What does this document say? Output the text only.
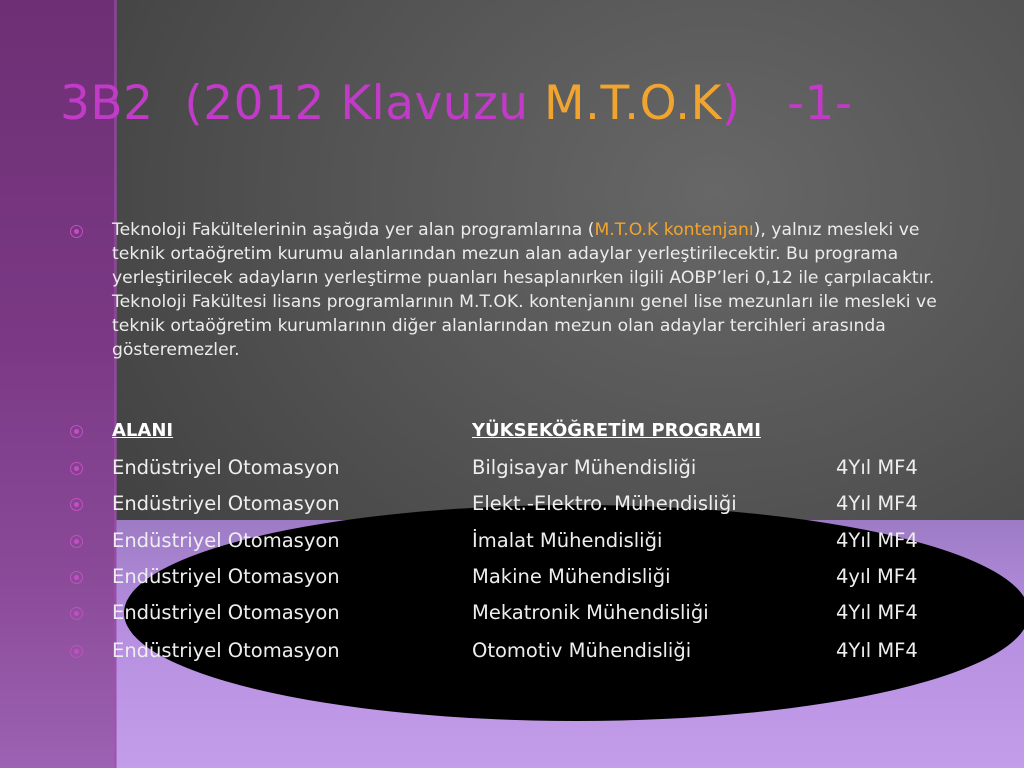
3B2  (2012 Klavuzu M.T.O.K)   -1-

Teknoloji Fakültelerinin aşağıda yer alan programlarına (M.T.O.K kontenjanı), yalnız mesleki ve teknik ortaöğretim kurumu alanlarından mezun alan adaylar yerleştirilecektir. Bu programa yerleştirilecek adayların yerleştirme puanları hesaplanırken ilgili AOBP’leri 0,12 ile çarpılacaktır. Teknoloji Fakültesi lisans programlarının M.T.OK. kontenjanını genel lise mezunları ile mesleki ve teknik ortaöğretim kurumlarının diğer alanlarından mezun olan adaylar tercihleri arasında gösteremezler.

ALANI	YÜKSEKÖĞRETİM PROGRAMI
Endüstriyel Otomasyon	Bilgisayar Mühendisliği	4Yıl MF4
Endüstriyel Otomasyon	Elekt.-Elektro. Mühendisliği	4Yıl MF4
Endüstriyel Otomasyon	İmalat Mühendisliği	4Yıl MF4
Endüstriyel Otomasyon	Makine Mühendisliği	4yıl MF4
Endüstriyel Otomasyon	Mekatronik Mühendisliği	4Yıl MF4
Endüstriyel Otomasyon	Otomotiv Mühendisliği	4Yıl MF4
